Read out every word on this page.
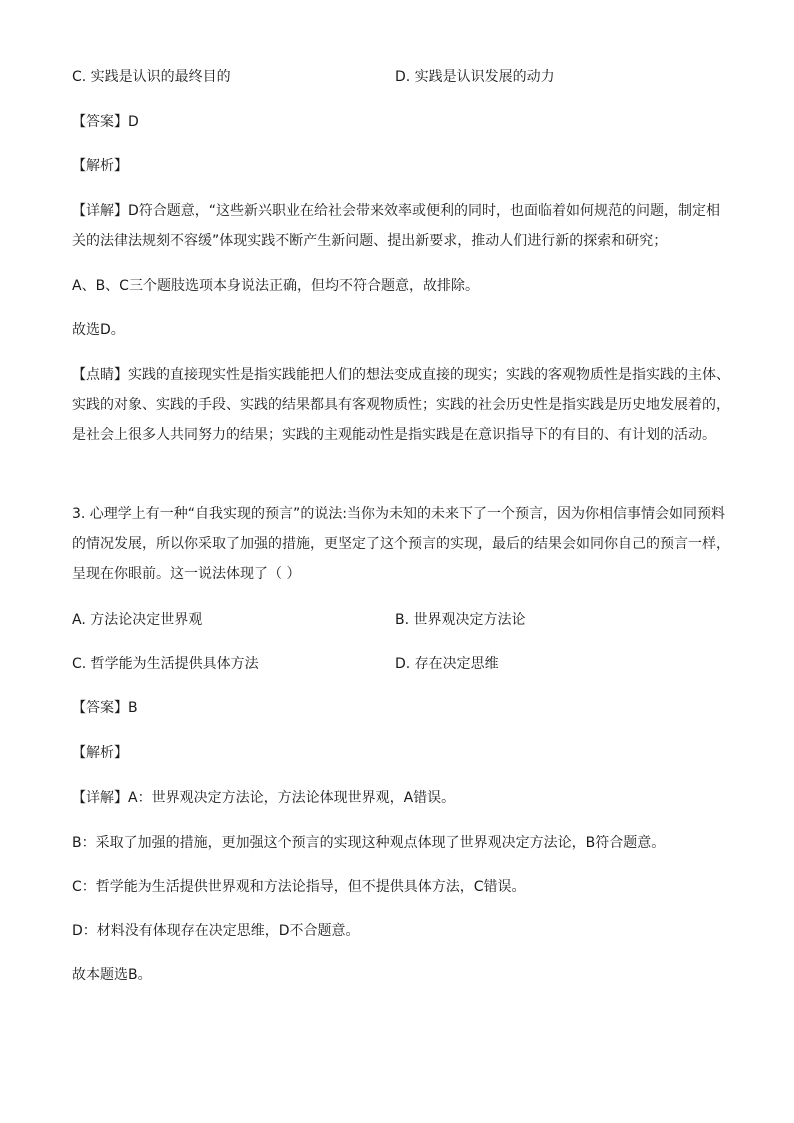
C. 实践是认识的最终目的	D. 实践是认识发展的动力
【答案】D
【解析】
【详解】D符合题意，“这些新兴职业在给社会带来效率或便利的同时，也面临着如何规范的问题，制定相关的法律法规刻不容缓”体现实践不断产生新问题、提出新要求，推动人们进行新的探索和研究；
A、B、C三个题肢选项本身说法正确，但均不符合题意，故排除。
故选D。
【点睛】实践的直接现实性是指实践能把人们的想法变成直接的现实；实践的客观物质性是指实践的主体、实践的对象、实践的手段、实践的结果都具有客观物质性；实践的社会历史性是指实践是历史地发展着的，是社会上很多人共同努力的结果；实践的主观能动性是指实践是在意识指导下的有目的、有计划的活动。
3. 心理学上有一种“自我实现的预言”的说法:当你为未知的未来下了一个预言，因为你相信事情会如同预料的情况发展，所以你采取了加强的措施，更坚定了这个预言的实现，最后的结果会如同你自己的预言一样，呈现在你眼前。这一说法体现了（ ）
A. 方法论决定世界观	B. 世界观决定方法论
C. 哲学能为生活提供具体方法	D. 存在决定思维
【答案】B
【解析】
【详解】A：世界观决定方法论，方法论体现世界观，A错误。
B：采取了加强的措施，更加强这个预言的实现这种观点体现了世界观决定方法论，B符合题意。
C：哲学能为生活提供世界观和方法论指导，但不提供具体方法，C错误。
D：材料没有体现存在决定思维，D不合题意。
故本题选B。
